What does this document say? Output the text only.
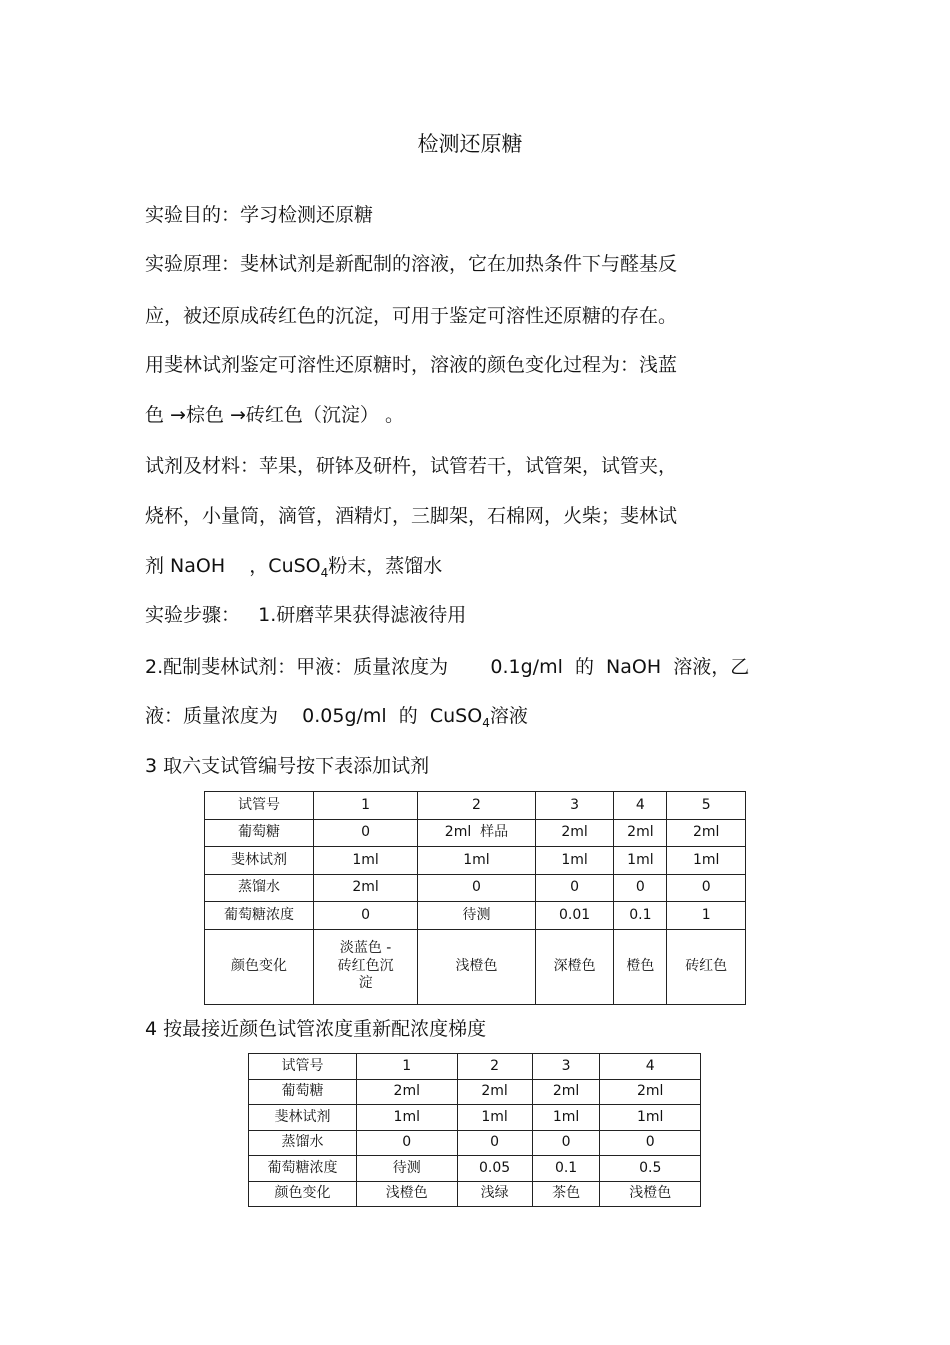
检测还原糖
实验目的：学习检测还原糖
实验原理：斐林试剂是新配制的溶液，它在加热条件下与醛基反
应，被还原成砖红色的沉淀，可用于鉴定可溶性还原糖的存在。
用斐林试剂鉴定可溶性还原糖时，溶液的颜色变化过程为：浅蓝
色 →棕色 →砖红色（沉淀） 。
试剂及材料：苹果，研钵及研杵，试管若干，试管架，试管夹，
烧杯，小量筒，滴管，酒精灯，三脚架，石棉网，火柴；斐林试
剂 NaOH    ，CuSO$_4$粉末，蒸馏水
实验步骤：   1.研磨苹果获得滤液待用
2.配制斐林试剂：甲液：质量浓度为       0.1g/ml  的  NaOH  溶液，乙
液：质量浓度为    0.05g/ml  的  CuSO$_4$溶液
3 取六支试管编号按下表添加试剂
试管号	1	2	3	4	5
葡萄糖	0	2ml  样品	2ml	2ml	2ml
斐林试剂	1ml	1ml	1ml	1ml	1ml
蒸馏水	2ml	0	0	0	0
葡萄糖浓度	0	待测	0.01	0.1	1
颜色变化	淡蓝色 -
砖红色沉
淀	浅橙色	深橙色	橙色	砖红色
4 按最接近颜色试管浓度重新配浓度梯度
试管号	1	2	3	4
葡萄糖	2ml	2ml	2ml	2ml
斐林试剂	1ml	1ml	1ml	1ml
蒸馏水	0	0	0	0
葡萄糖浓度	待测	0.05	0.1	0.5
颜色变化	浅橙色	浅绿	茶色	浅橙色
